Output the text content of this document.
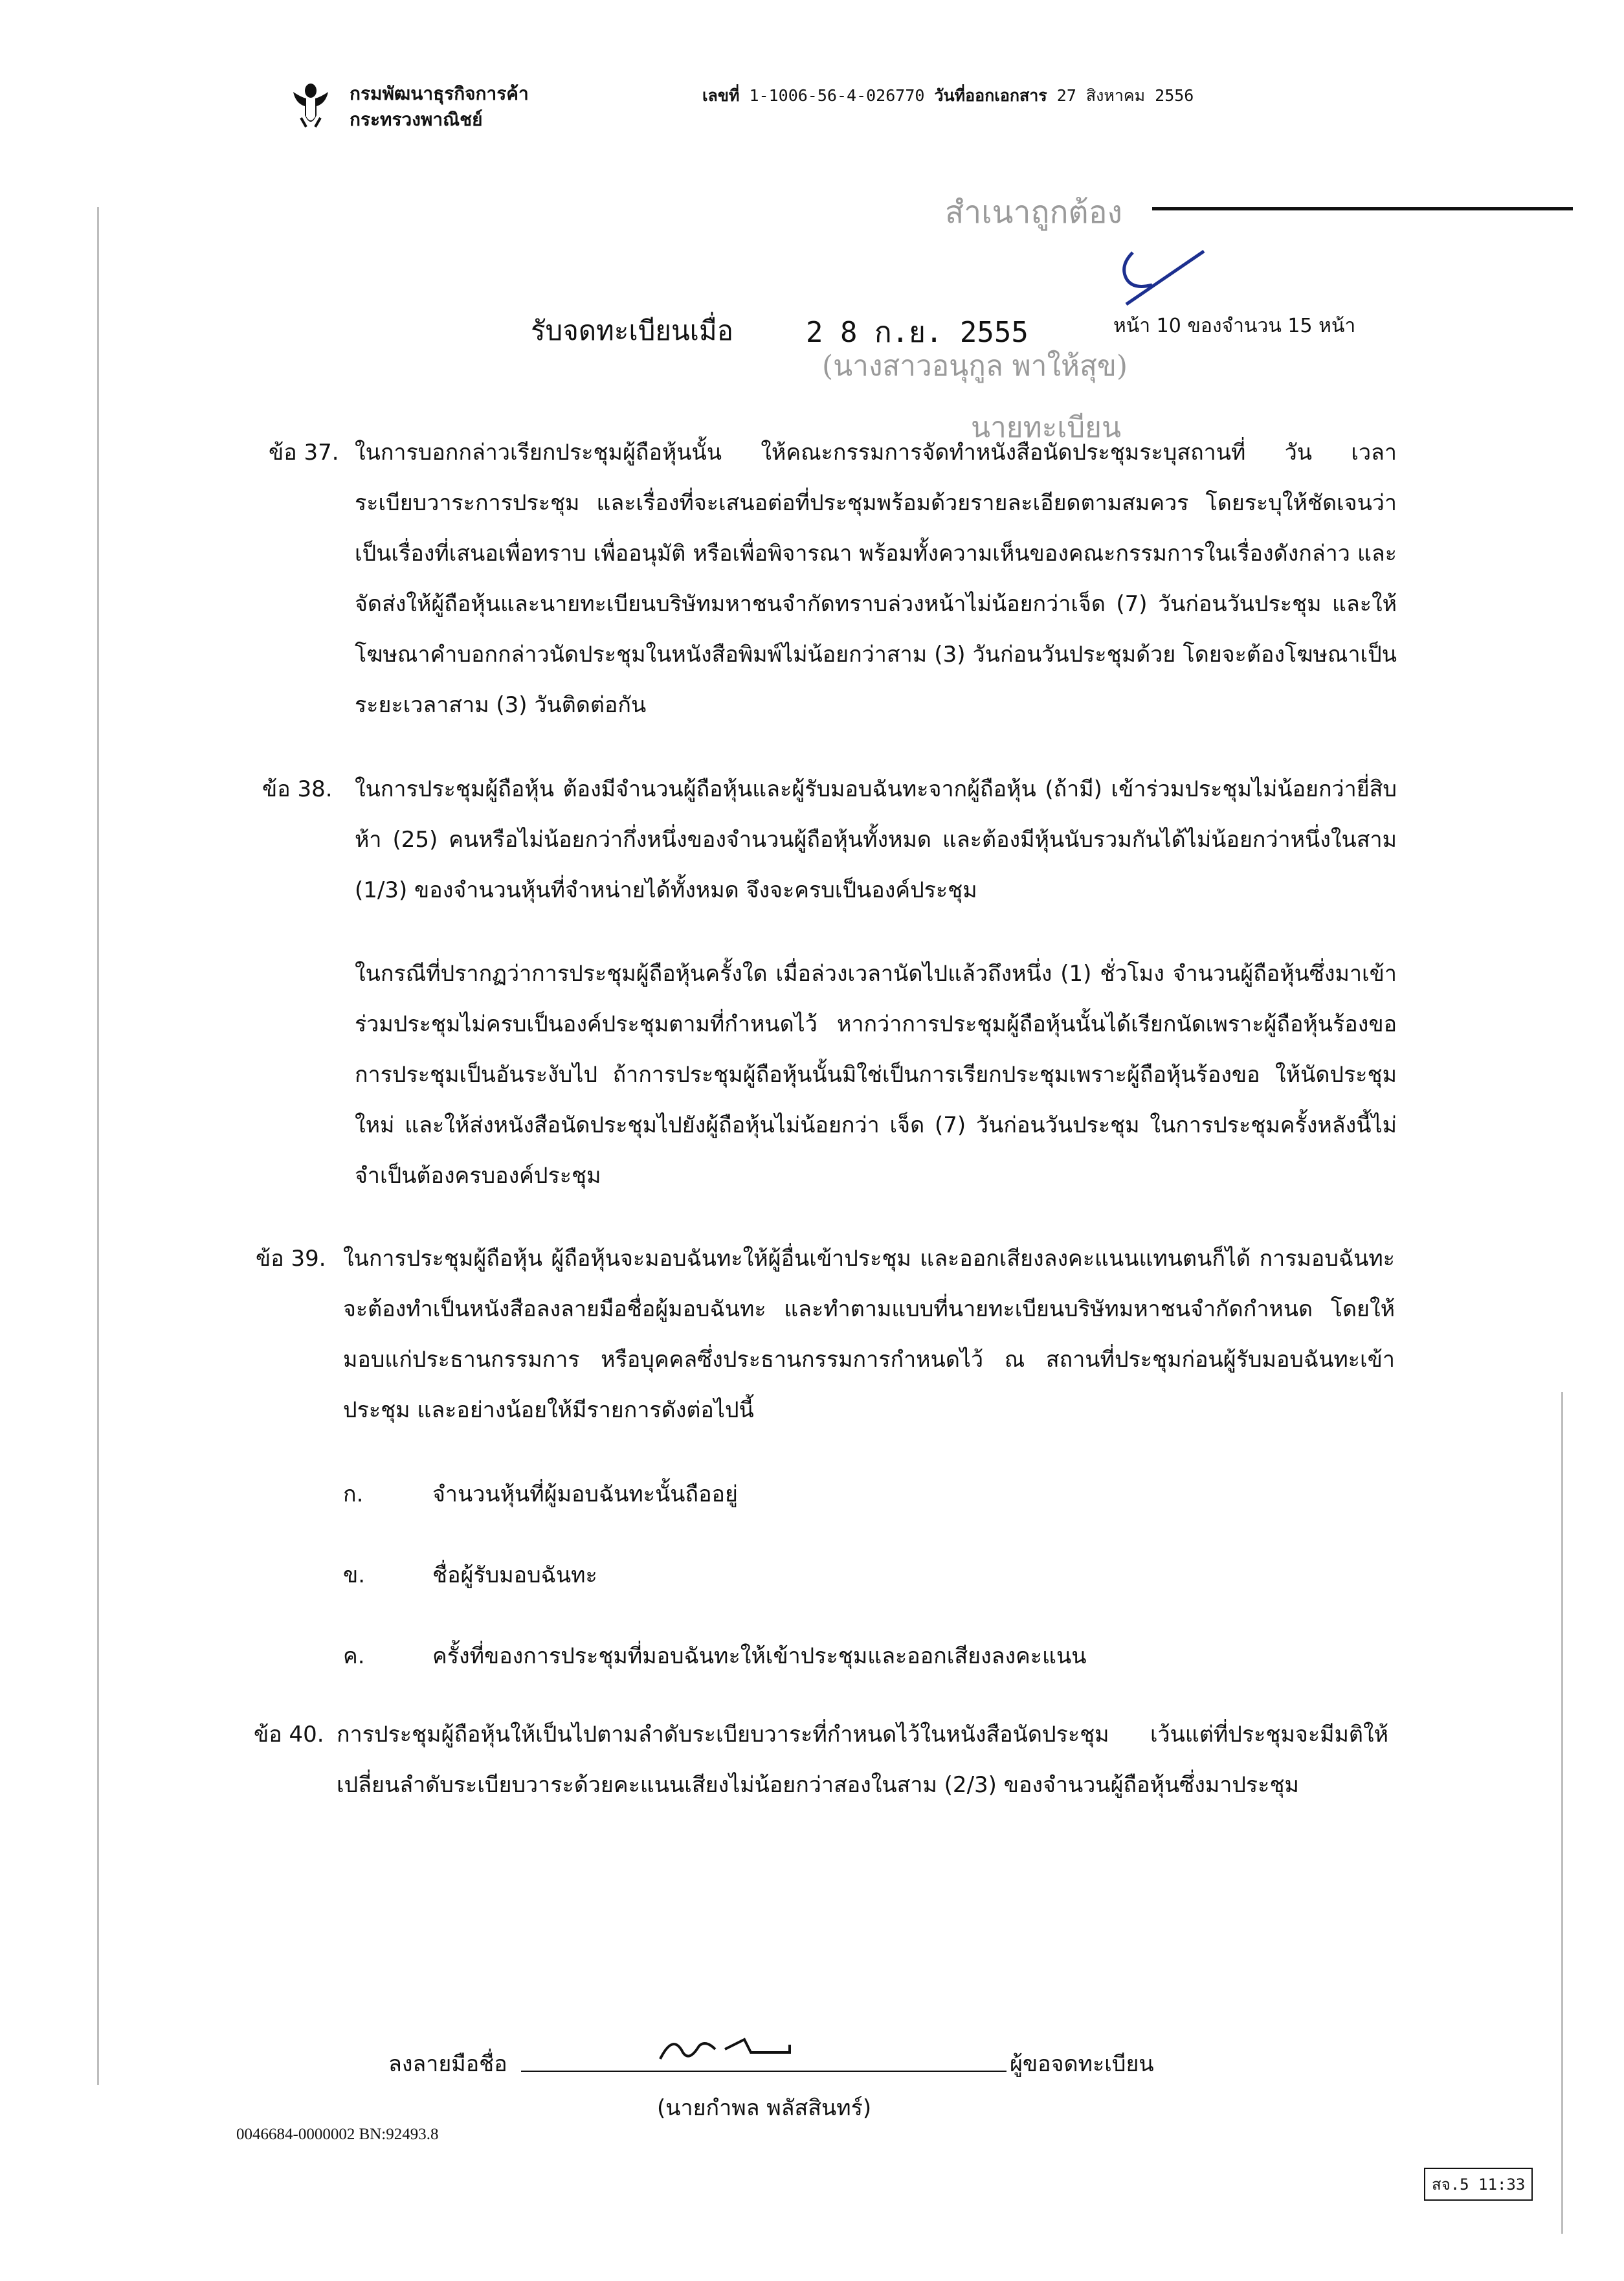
กรมพัฒนาธุรกิจการค้า
กระทรวงพาณิชย์
เลขที่ 1-1006-56-4-026770 วันที่ออกเอกสาร 27 สิงหาคม 2556
สำเนาถูกต้อง
รับจดทะเบียนเมื่อ	2 8 ก.ย. 2555	หน้า 10 ของจำนวน 15 หน้า
(นางสาวอนุกูล พาให้สุข)
นายทะเบียน
ข้อ 37. ในการบอกกล่าวเรียกประชุมผู้ถือหุ้นนั้น ให้คณะกรรมการจัดทำหนังสือนัดประชุมระบุสถานที่ วัน เวลา ระเบียบวาระการประชุม และเรื่องที่จะเสนอต่อที่ประชุมพร้อมด้วยรายละเอียดตามสมควร โดยระบุให้ชัดเจนว่าเป็นเรื่องที่เสนอเพื่อทราบ เพื่ออนุมัติ หรือเพื่อพิจารณา พร้อมทั้งความเห็นของคณะกรรมการในเรื่องดังกล่าว และจัดส่งให้ผู้ถือหุ้นและนายทะเบียนบริษัทมหาชนจำกัดทราบล่วงหน้าไม่น้อยกว่าเจ็ด (7) วันก่อนวันประชุม และให้โฆษณาคำบอกกล่าวนัดประชุมในหนังสือพิมพ์ไม่น้อยกว่าสาม (3) วันก่อนวันประชุมด้วย โดยจะต้องโฆษณาเป็นระยะเวลาสาม (3) วันติดต่อกัน
ข้อ 38. ในการประชุมผู้ถือหุ้น ต้องมีจำนวนผู้ถือหุ้นและผู้รับมอบฉันทะจากผู้ถือหุ้น (ถ้ามี) เข้าร่วมประชุมไม่น้อยกว่ายี่สิบห้า (25) คนหรือไม่น้อยกว่ากึ่งหนึ่งของจำนวนผู้ถือหุ้นทั้งหมด และต้องมีหุ้นนับรวมกันได้ไม่น้อยกว่าหนึ่งในสาม (1/3) ของจำนวนหุ้นที่จำหน่ายได้ทั้งหมด จึงจะครบเป็นองค์ประชุม
ในกรณีที่ปรากฏว่าการประชุมผู้ถือหุ้นครั้งใด เมื่อล่วงเวลานัดไปแล้วถึงหนึ่ง (1) ชั่วโมง จำนวนผู้ถือหุ้นซึ่งมาเข้าร่วมประชุมไม่ครบเป็นองค์ประชุมตามที่กำหนดไว้ หากว่าการประชุมผู้ถือหุ้นนั้นได้เรียกนัดเพราะผู้ถือหุ้นร้องขอ การประชุมเป็นอันระงับไป ถ้าการประชุมผู้ถือหุ้นนั้นมิใช่เป็นการเรียกประชุมเพราะผู้ถือหุ้นร้องขอ ให้นัดประชุมใหม่ และให้ส่งหนังสือนัดประชุมไปยังผู้ถือหุ้นไม่น้อยกว่า เจ็ด (7) วันก่อนวันประชุม ในการประชุมครั้งหลังนี้ไม่จำเป็นต้องครบองค์ประชุม
ข้อ 39. ในการประชุมผู้ถือหุ้น ผู้ถือหุ้นจะมอบฉันทะให้ผู้อื่นเข้าประชุม และออกเสียงลงคะแนนแทนตนก็ได้ การมอบฉันทะจะต้องทำเป็นหนังสือลงลายมือชื่อผู้มอบฉันทะ และทำตามแบบที่นายทะเบียนบริษัทมหาชนจำกัดกำหนด โดยให้มอบแก่ประธานกรรมการ หรือบุคคลซึ่งประธานกรรมการกำหนดไว้ ณ สถานที่ประชุมก่อนผู้รับมอบฉันทะเข้าประชุม และอย่างน้อยให้มีรายการดังต่อไปนี้
ก.	จำนวนหุ้นที่ผู้มอบฉันทะนั้นถืออยู่
ข.	ชื่อผู้รับมอบฉันทะ
ค.	ครั้งที่ของการประชุมที่มอบฉันทะให้เข้าประชุมและออกเสียงลงคะแนน
ข้อ 40. การประชุมผู้ถือหุ้นให้เป็นไปตามลำดับระเบียบวาระที่กำหนดไว้ในหนังสือนัดประชุม เว้นแต่ที่ประชุมจะมีมติให้เปลี่ยนลำดับระเบียบวาระด้วยคะแนนเสียงไม่น้อยกว่าสองในสาม (2/3) ของจำนวนผู้ถือหุ้นซึ่งมาประชุม
ลงลายมือชื่อ	ผู้ขอจดทะเบียน
(นายกำพล พลัสสินทร์)
0046684-0000002 BN:92493.8
สจ.5 11:33
